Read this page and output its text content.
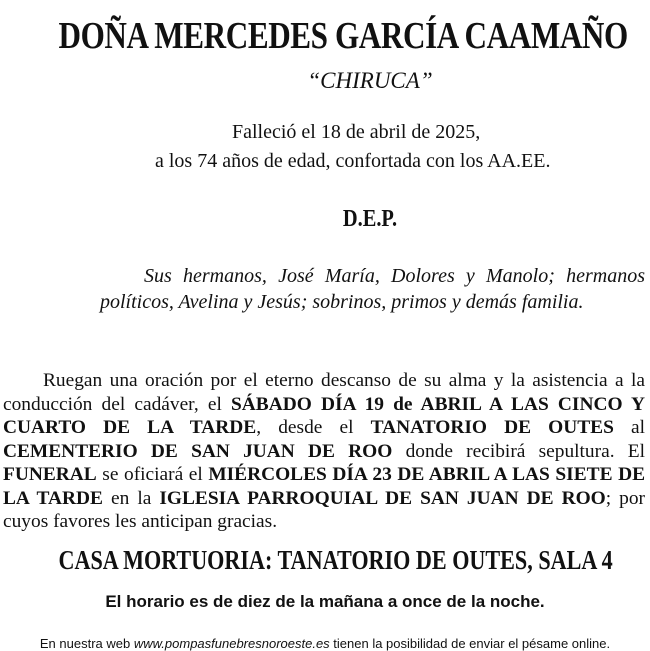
DOÑA MERCEDES GARCÍA CAAMAÑO
“CHIRUCA”
Falleció el 18 de abril de 2025,
a los 74 años de edad, confortada con los AA.EE.
D.E.P.
Sus hermanos, José María, Dolores y Manolo; hermanos políticos, Avelina y Jesús; sobrinos, primos y demás familia.
Ruegan una oración por el eterno descanso de su alma y la asistencia a la conducción del cadáver, el SÁBADO DÍA 19 de ABRIL A LAS CINCO Y CUARTO DE LA TARDE, desde el TANATORIO DE OUTES al CEMENTERIO DE SAN JUAN DE ROO donde recibirá sepultura. El FUNERAL se oficiará el MIÉRCOLES DÍA 23 DE ABRIL A LAS SIETE DE LA TARDE en la IGLESIA PARROQUIAL DE SAN JUAN DE ROO; por cuyos favores les anticipan gracias.
CASA MORTUORIA: TANATORIO DE OUTES, SALA 4
El horario es de diez de la mañana a once de la noche.
En nuestra web www.pompasfunebresnoroeste.es tienen la posibilidad de enviar el pésame online.
